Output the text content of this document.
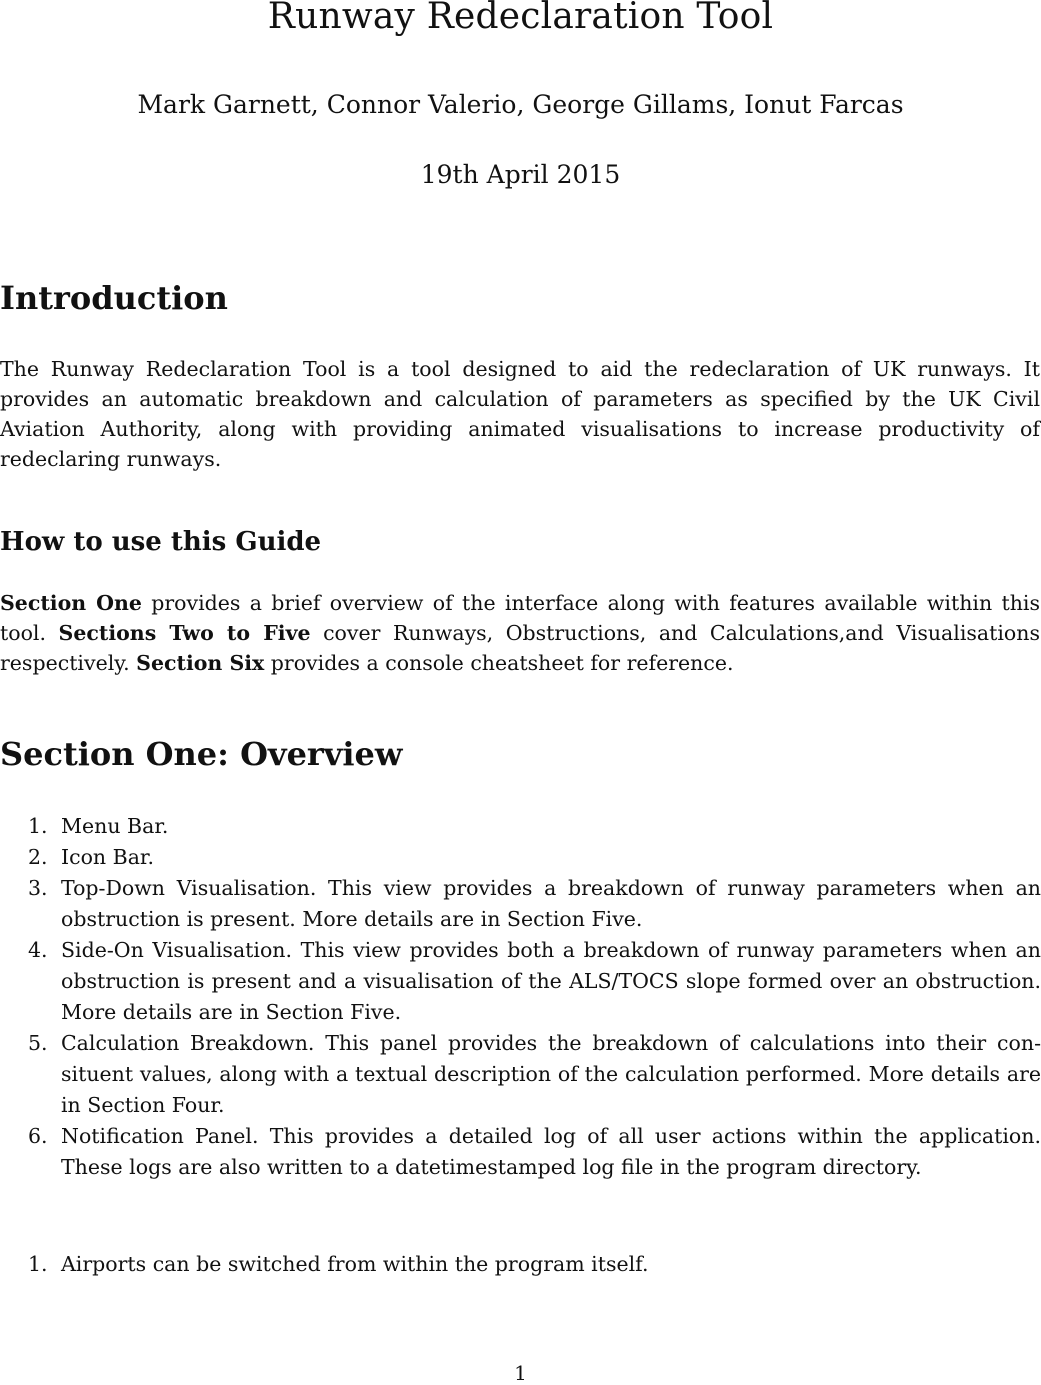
Runway Redeclaration Tool

Mark Garnett, Connor Valerio, George Gillams, Ionut Farcas

19th April 2015

Introduction

The Runway Redeclaration Tool is a tool designed to aid the redeclaration of UK runways. It provides an automatic breakdown and calculation of parameters as specified by the UK Civil Aviation Authority, along with providing animated visualisations to increase productivity of redeclaring runways.

How to use this Guide

Section One provides a brief overview of the interface along with features available within this tool. Sections Two to Five cover Runways, Obstructions, and Calculations,and Visualisations respectively. Section Six provides a console cheatsheet for reference.

Section One: Overview
1. Menu Bar.
2. Icon Bar.
3. Top-Down Visualisation. This view provides a breakdown of runway parameters when an obstruction is present. More details are in Section Five.
4. Side-On Visualisation. This view provides both a breakdown of runway parameters when an obstruction is present and a visualisation of the ALS/TOCS slope formed over an obstruction. More details are in Section Five.
5. Calculation Breakdown. This panel provides the breakdown of calculations into their consituent values, along with a textual description of the calculation performed. More details are in Section Four.
6. Notification Panel. This provides a detailed log of all user actions within the application. These logs are also written to a datetimestamped log file in the program directory.
1. Airports can be switched from within the program itself.

1
